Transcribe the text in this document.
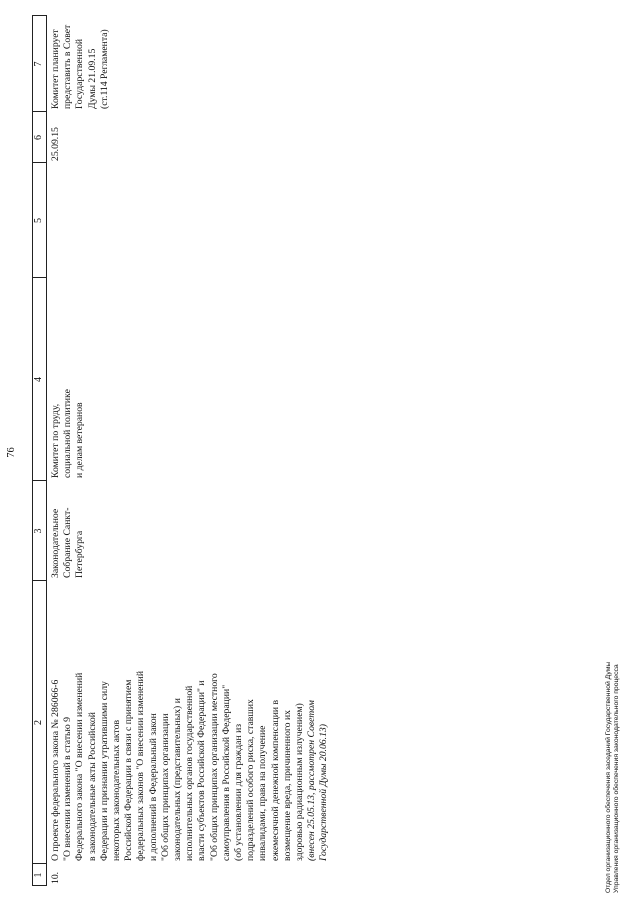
76
1
2
3
4
5
6
7
10.
О проекте федерального закона № 286066-6 "О внесении изменений в статью 9 Федерального закона "О внесении изменений в законодательные акты Российской Федерации и признании утратившими силу некоторых законодательных актов Российской Федерации в связи с принятием федеральных законов "О внесении изменений и дополнений в Федеральный закон "Об общих принципах организации законодательных (представительных) и исполнительных органов государственной власти субъектов Российской Федерации" и "Об общих принципах организации местного самоуправления в Российской Федерации" (об установлении для граждан из подразделений особого риска, ставших инвалидами, права на получение ежемесячной денежной компенсации в возмещение вреда, причиненного их здоровью радиационным излучением) (внесен 25.05.13, рассмотрен Советом Государственной Думы 20.06.13)
Законодательное Собрание Санкт- Петербурга
Комитет по труду, социальной политике и делам ветеранов
25.09.15
Комитет планирует представить в Совет Государственной Думы 21.09.15 (ст.114 Регламента)
Отдел организационного обеспечения заседаний Государственной Думы Управления организационного обеспечения законодательного процесса
